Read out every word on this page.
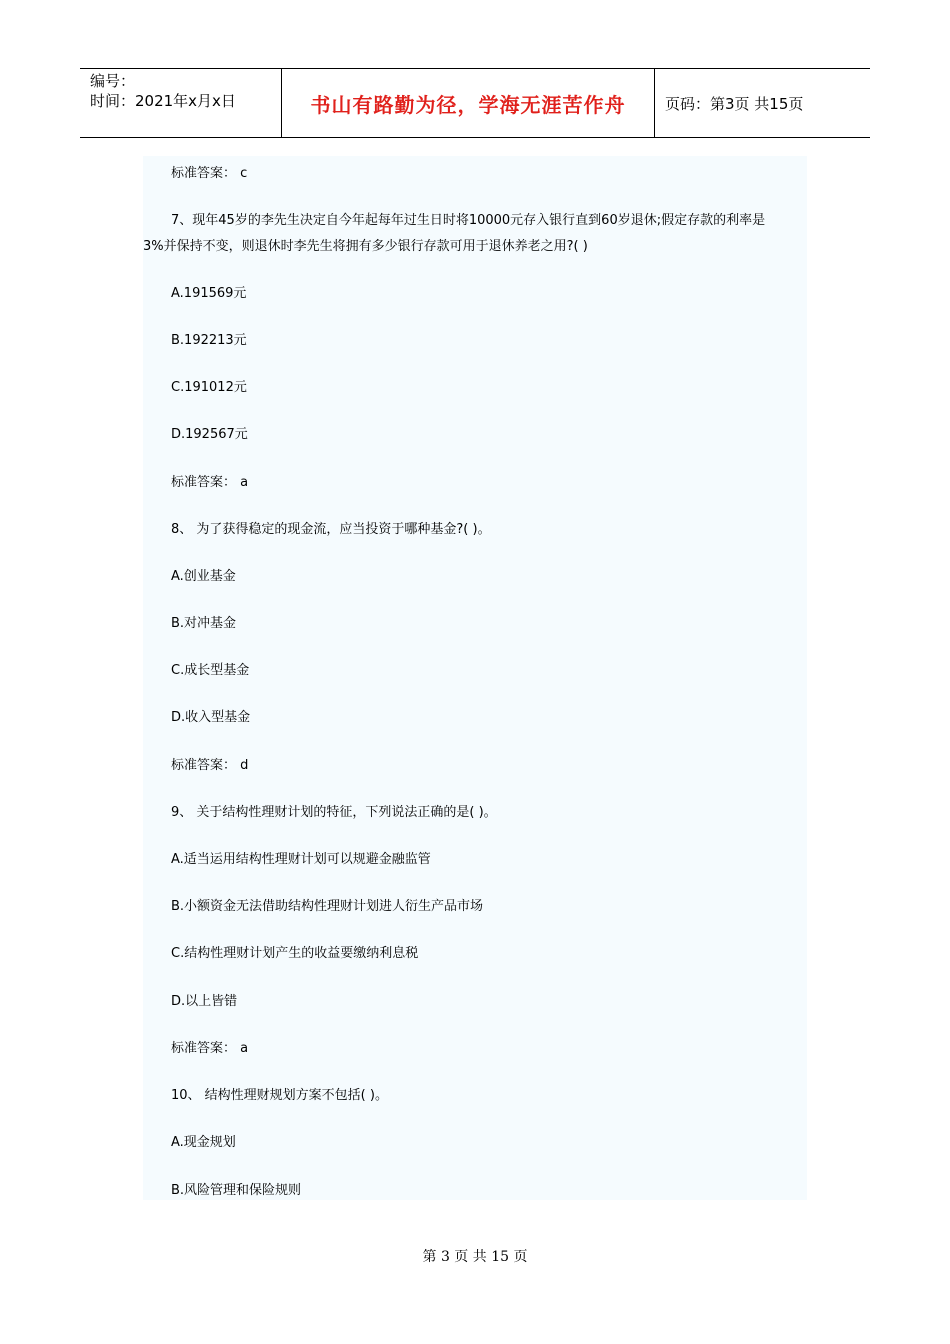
编号：
时间：2021年x月x日	书山有路勤为径，学海无涯苦作舟	页码：第3页 共15页
标准答案： c
7、现年45岁的李先生决定自今年起每年过生日时将10000元存入银行直到60岁退休;假定存款的利率是
3%并保持不变，则退休时李先生将拥有多少银行存款可用于退休养老之用?( )
A.191569元
B.192213元
C.191012元
D.192567元
标准答案： a
8、 为了获得稳定的现金流，应当投资于哪种基金?( )。
A.创业基金
B.对冲基金
C.成长型基金
D.收入型基金
标准答案： d
9、 关于结构性理财计划的特征，下列说法正确的是( )。
A.适当运用结构性理财计划可以规避金融监管
B.小额资金无法借助结构性理财计划进人衍生产品市场
C.结构性理财计划产生的收益要缴纳利息税
D.以上皆错
标准答案： a
10、 结构性理财规划方案不包括( )。
A.现金规划
B.风险管理和保险规则
第 3 页 共 15 页
